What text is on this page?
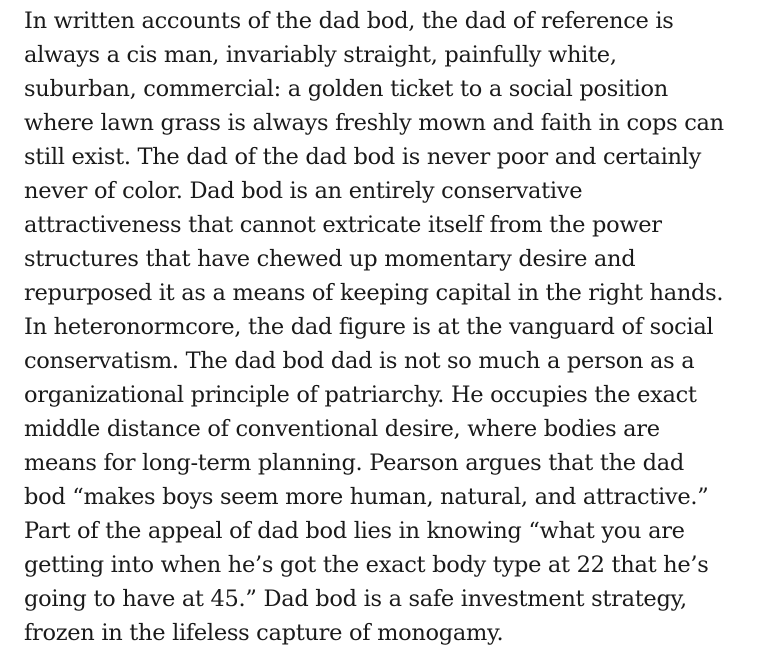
In written accounts of the dad bod, the dad of reference is
always a cis man, invariably straight, painfully white,
suburban, commercial: a golden ticket to a social position
where lawn grass is always freshly mown and faith in cops can
still exist. The dad of the dad bod is never poor and certainly
never of color. Dad bod is an entirely conservative
attractiveness that cannot extricate itself from the power
structures that have chewed up momentary desire and
repurposed it as a means of keeping capital in the right hands.
In heteronormcore, the dad figure is at the vanguard of social
conservatism. The dad bod dad is not so much a person as a
organizational principle of patriarchy. He occupies the exact
middle distance of conventional desire, where bodies are
means for long-term planning. Pearson argues that the dad
bod “makes boys seem more human, natural, and attractive.”
Part of the appeal of dad bod lies in knowing “what you are
getting into when he’s got the exact body type at 22 that he’s
going to have at 45.” Dad bod is a safe investment strategy,
frozen in the lifeless capture of monogamy.
